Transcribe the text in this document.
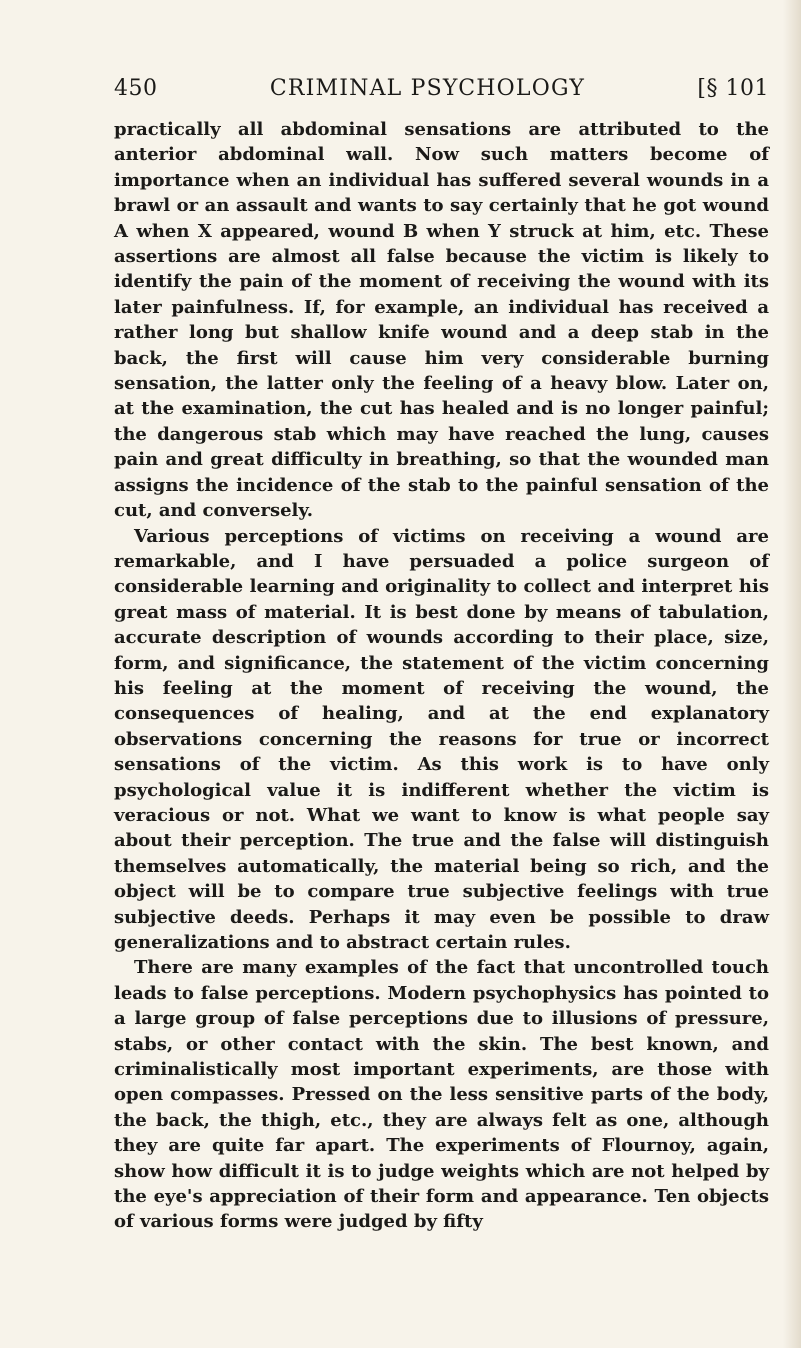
450	CRIMINAL PSYCHOLOGY	[§ 101

practically all abdominal sensations are attributed to the anterior abdominal wall. Now such matters become of importance when an individual has suffered several wounds in a brawl or an assault and wants to say certainly that he got wound A when X appeared, wound B when Y struck at him, etc. These assertions are almost all false because the victim is likely to identify the pain of the moment of receiving the wound with its later painfulness. If, for example, an individual has received a rather long but shallow knife wound and a deep stab in the back, the first will cause him very considerable burning sensation, the latter only the feeling of a heavy blow. Later on, at the examination, the cut has healed and is no longer painful; the dangerous stab which may have reached the lung, causes pain and great difficulty in breathing, so that the wounded man assigns the incidence of the stab to the painful sensation of the cut, and conversely.

Various perceptions of victims on receiving a wound are remarkable, and I have persuaded a police surgeon of considerable learning and originality to collect and interpret his great mass of material. It is best done by means of tabulation, accurate description of wounds according to their place, size, form, and significance, the statement of the victim concerning his feeling at the moment of receiving the wound, the consequences of healing, and at the end explanatory observations concerning the reasons for true or incorrect sensations of the victim. As this work is to have only psychological value it is indifferent whether the victim is veracious or not. What we want to know is what people say about their perception. The true and the false will distinguish themselves automatically, the material being so rich, and the object will be to compare true subjective feelings with true subjective deeds. Perhaps it may even be possible to draw generalizations and to abstract certain rules.

There are many examples of the fact that uncontrolled touch leads to false perceptions. Modern psychophysics has pointed to a large group of false perceptions due to illusions of pressure, stabs, or other contact with the skin. The best known, and criminalistically most important experiments, are those with open compasses. Pressed on the less sensitive parts of the body, the back, the thigh, etc., they are always felt as one, although they are quite far apart. The experiments of Flournoy, again, show how difficult it is to judge weights which are not helped by the eye's appreciation of their form and appearance. Ten objects of various forms were judged by fifty
